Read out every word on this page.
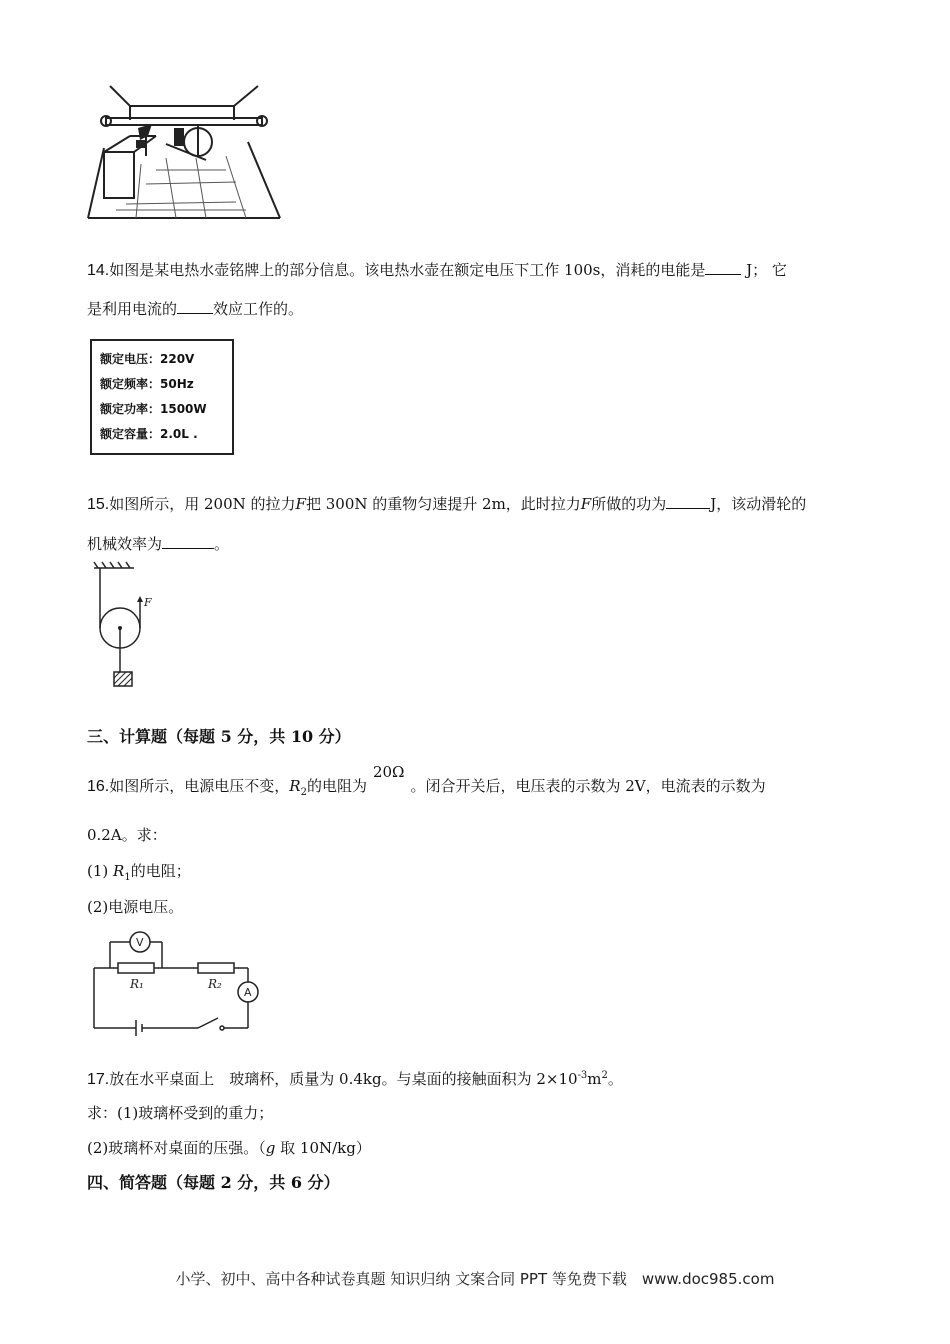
14.如图是某电热水壶铭牌上的部分信息。该电热水壶在额定电压下工作 100s，消耗的电能是	J； 它
是利用电流的 效应工作的。
额定电压：220V
额定频率：50Hz
额定功率：1500W
额定容量：2.0L .
15.如图所示，用 200N 的拉力F把 300N 的重物匀速提升 2m，此时拉力F所做的功为	J，该动滑轮的
机械效率为	。
F
三、计算题（每题 5 分，共 10 分）
16.如图所示，电源电压不变，$R_2$的电阻为20Ω。闭合开关后，电压表的示数为 2V，电流表的示数为
0.2A。求：
(1) $R_1$的电阻；
(2)电源电压。
V
A
R₁	R₂
17.放在水平桌面上　玻璃杯，质量为 0.4kg。与桌面的接触面积为 $2\times 10^{-3}m^2$。
求：(1)玻璃杯受到的重力；
(2)玻璃杯对桌面的压强。（g 取 10N/kg）
四、简答题（每题 2 分，共 6 分）
小学、初中、高中各种试卷真题 知识归纳 文案合同 PPT 等免费下载　www.doc985.com
